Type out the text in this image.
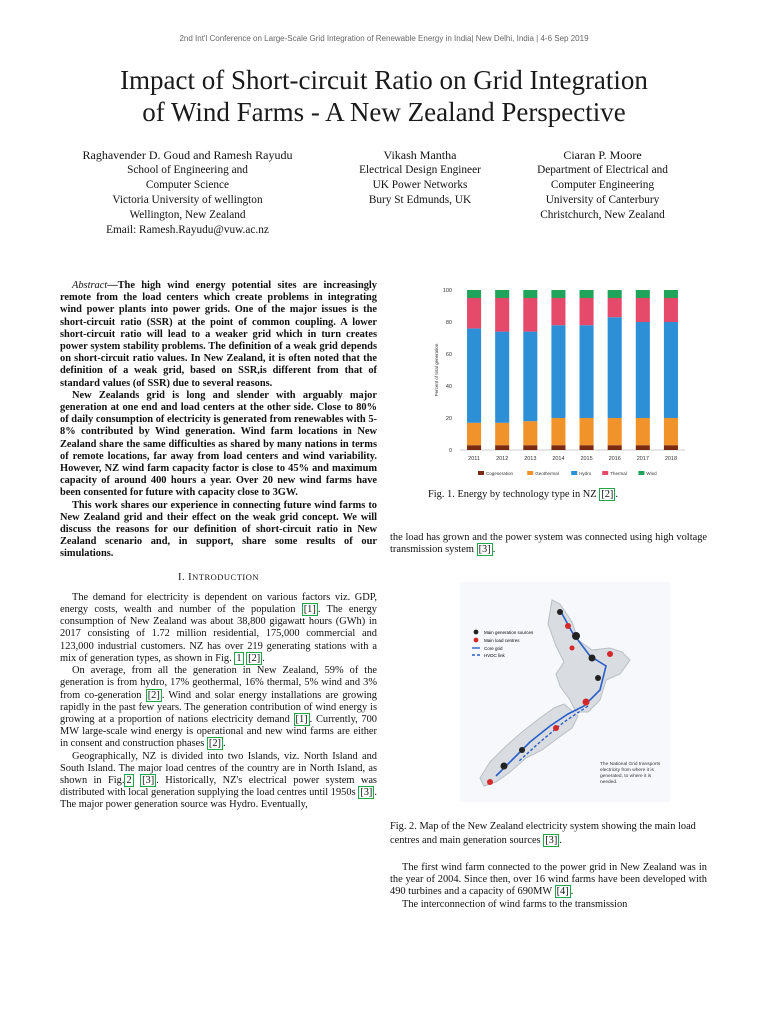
2nd Int'l Conference on Large-Scale Grid Integration of Renewable Energy in India| New Delhi, India | 4-6 Sep 2019
Impact of Short-circuit Ratio on Grid Integration
of Wind Farms - A New Zealand Perspective
Raghavender D. Goud and Ramesh Rayudu
School of Engineering and
Computer Science
Victoria University of wellington
Wellington, New Zealand
Email: Ramesh.Rayudu@vuw.ac.nz
Vikash Mantha
Electrical Design Engineer
UK Power Networks
Bury St Edmunds, UK
Ciaran P. Moore
Department of Electrical and
Computer Engineering
University of Canterbury
Christchurch, New Zealand

Abstract—The high wind energy potential sites are increasingly remote from the load centers which create problems in integrating wind power plants into power grids. One of the major issues is the short-circuit ratio (SSR) at the point of common coupling. A lower short-circuit ratio will lead to a weaker grid which in turn creates power system stability problems. The definition of a weak grid depends on short-circuit ratio values. In New Zealand, it is often noted that the definition of a weak grid, based on SSR,is different from that of standard values (of SSR) due to several reasons.

New Zealands grid is long and slender with arguably major generation at one end and load centers at the other side. Close to 80% of daily consumption of electricity is generated from renewables with 5-8% contributed by Wind generation. Wind farm locations in New Zealand share the same difficulties as shared by many nations in terms of remote locations, far away from load centers and wind variability. However, NZ wind farm capacity factor is close to 45% and maximum capacity of around 400 hours a year. Over 20 new wind farms have been consented for future with capacity close to 3GW.

This work shares our experience in connecting future wind farms to New Zealand grid and their effect on the weak grid concept. We will discuss the reasons for our definition of short-circuit ratio in New Zealand scenario and, in support, share some results of our simulations.

I. INTRODUCTION

The demand for electricity is dependent on various factors viz. GDP, energy costs, wealth and number of the population [1] . The energy consumption of New Zealand was about 38,800 gigawatt hours (GWh) in 2017 consisting of 1.72 million residential, 175,000 commercial and 123,000 industrial customers. NZ has over 219 generating stations with a mix of generation types, as shown in Fig. 1 [2] .

On average, from all the generation in New Zealand, 59% of the generation is from hydro, 17% geothermal, 16% thermal, 5% wind and 3% from co-generation [2] . Wind and solar energy installations are growing rapidly in the past few years. The generation contribution of wind energy is growing at a proportion of nations electricity demand [1] . Currently, 700 MW large-scale wind energy is operational and new wind farms are either in consent and construction phases [2] .

Geographically, NZ is divided into two Islands, viz. North Island and South Island. The major load centres of the country are in North Island, as shown in Fig. 2 [3] . Historically, NZ's electrical power system was distributed with local generation supplying the load centres until 1950s [3] . The major power generation source was Hydro. Eventually,

0
20
40
60
80
100
Percent of total generation
2011	2012	2013	2014	2015	2016	2017	2018
Cogeneration	Geothermal	Hydro	Thermal	Wind
Fig. 1. Energy by technology type in NZ [2] .

the load has grown and the power system was connected using high voltage transmission system [3] .

Main generation sources
Main load centres
Core grid
HVDC link
The National Grid transports electricity from where it is generated, to where it is needed.
Fig. 2. Map of the New Zealand electricity system showing the main load centres and main generation sources [3] .

The first wind farm connected to the power grid in New Zealand was in the year of 2004. Since then, over 16 wind farms have been developed with 490 turbines and a capacity of 690MW [4] .

The interconnection of wind farms to the transmission
